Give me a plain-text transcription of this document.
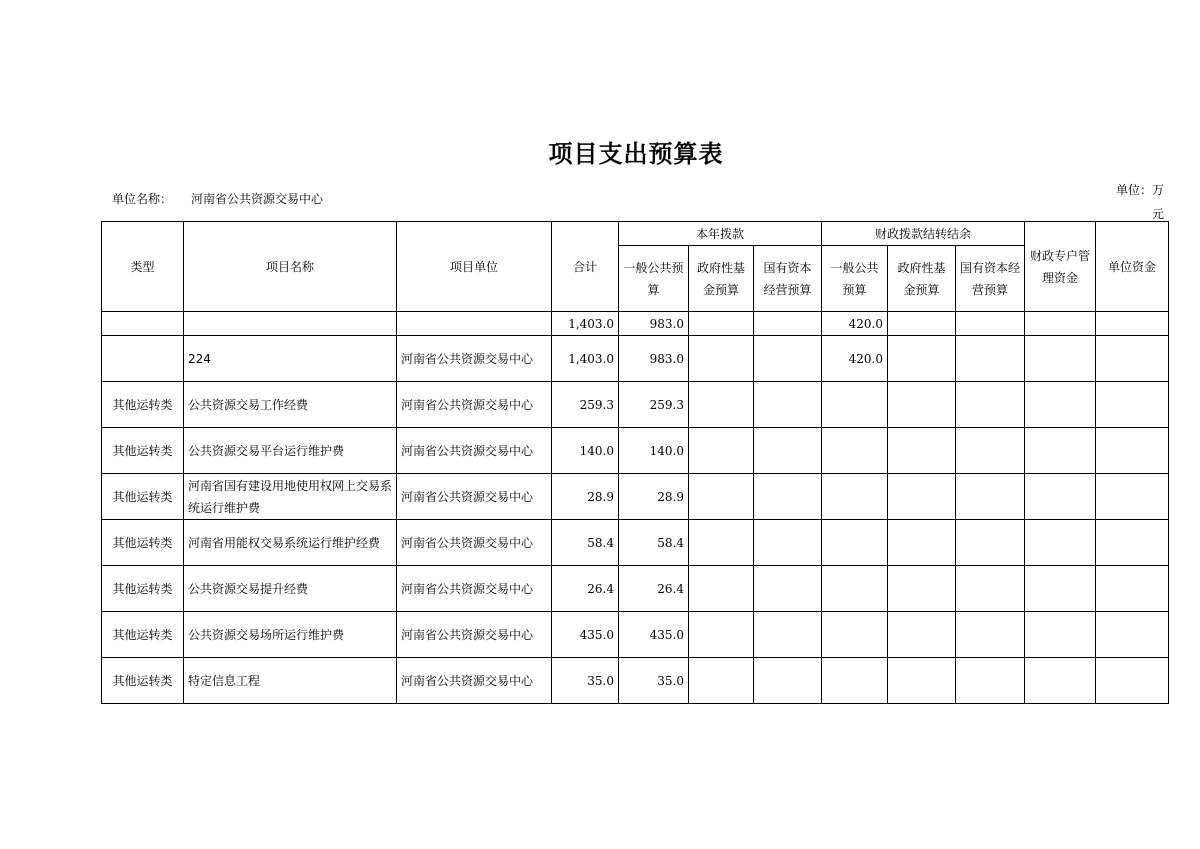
项目支出预算表
单位名称： 河南省公共资源交易中心
单位：万元
类型	项目名称	项目单位	合计	本年拨款			财政拨款结转结余			财政专户管理资金	单位资金
				一般公共预算	政府性基金预算	国有资本经营预算	一般公共预算	政府性基金预算	国有资本经营预算		
			1,403.0	983.0			420.0				
	224	河南省公共资源交易中心	1,403.0	983.0			420.0				
其他运转类	公共资源交易工作经费	河南省公共资源交易中心	259.3	259.3							
其他运转类	公共资源交易平台运行维护费	河南省公共资源交易中心	140.0	140.0							
其他运转类	河南省国有建设用地使用权网上交易系统运行维护费	河南省公共资源交易中心	28.9	28.9							
其他运转类	河南省用能权交易系统运行维护经费	河南省公共资源交易中心	58.4	58.4							
其他运转类	公共资源交易提升经费	河南省公共资源交易中心	26.4	26.4							
其他运转类	公共资源交易场所运行维护费	河南省公共资源交易中心	435.0	435.0							
其他运转类	特定信息工程	河南省公共资源交易中心	35.0	35.0							
